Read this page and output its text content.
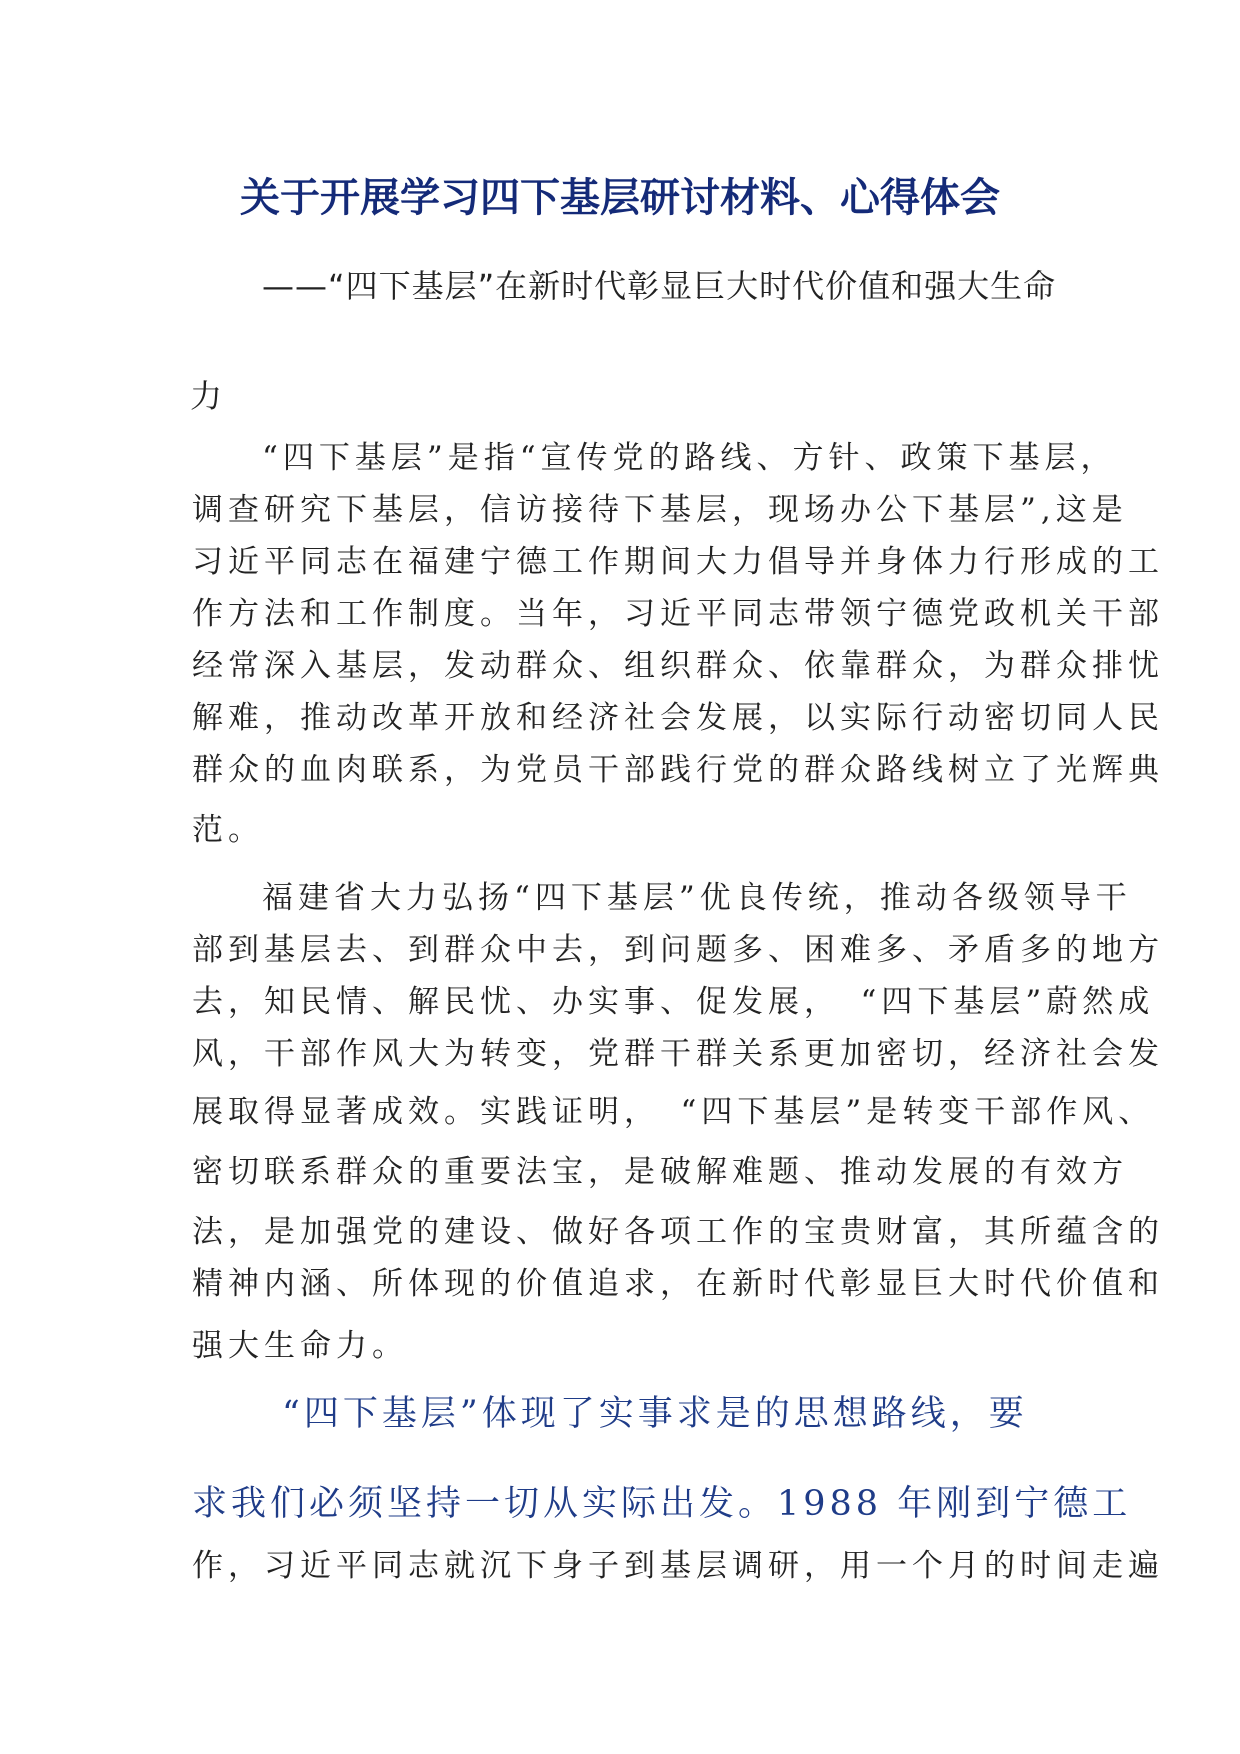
关于开展学习四下基层研讨材料、心得体会
——“四下基层”在新时代彰显巨大时代价值和强大生命
力
“四下基层”是指“宣传党的路线、方针、政策下基层，
调查研究下基层，信访接待下基层，现场办公下基层”,这是
习近平同志在福建宁德工作期间大力倡导并身体力行形成的工
作方法和工作制度。当年，习近平同志带领宁德党政机关干部
经常深入基层，发动群众、组织群众、依靠群众，为群众排忧
解难，推动改革开放和经济社会发展，以实际行动密切同人民
群众的血肉联系，为党员干部践行党的群众路线树立了光辉典
范。
福建省大力弘扬“四下基层”优良传统，推动各级领导干
部到基层去、到群众中去，到问题多、困难多、矛盾多的地方
去，知民情、解民忧、办实事、促发展，　“四下基层”蔚然成
风，干部作风大为转变，党群干群关系更加密切，经济社会发
展取得显著成效。实践证明，　“四下基层”是转变干部作风、
密切联系群众的重要法宝，是破解难题、推动发展的有效方
法，是加强党的建设、做好各项工作的宝贵财富，其所蕴含的
精神内涵、所体现的价值追求，在新时代彰显巨大时代价值和
强大生命力。
“四下基层”体现了实事求是的思想路线，要
求我们必须坚持一切从实际出发。1988 年刚到宁德工
作，习近平同志就沉下身子到基层调研，用一个月的时间走遍
